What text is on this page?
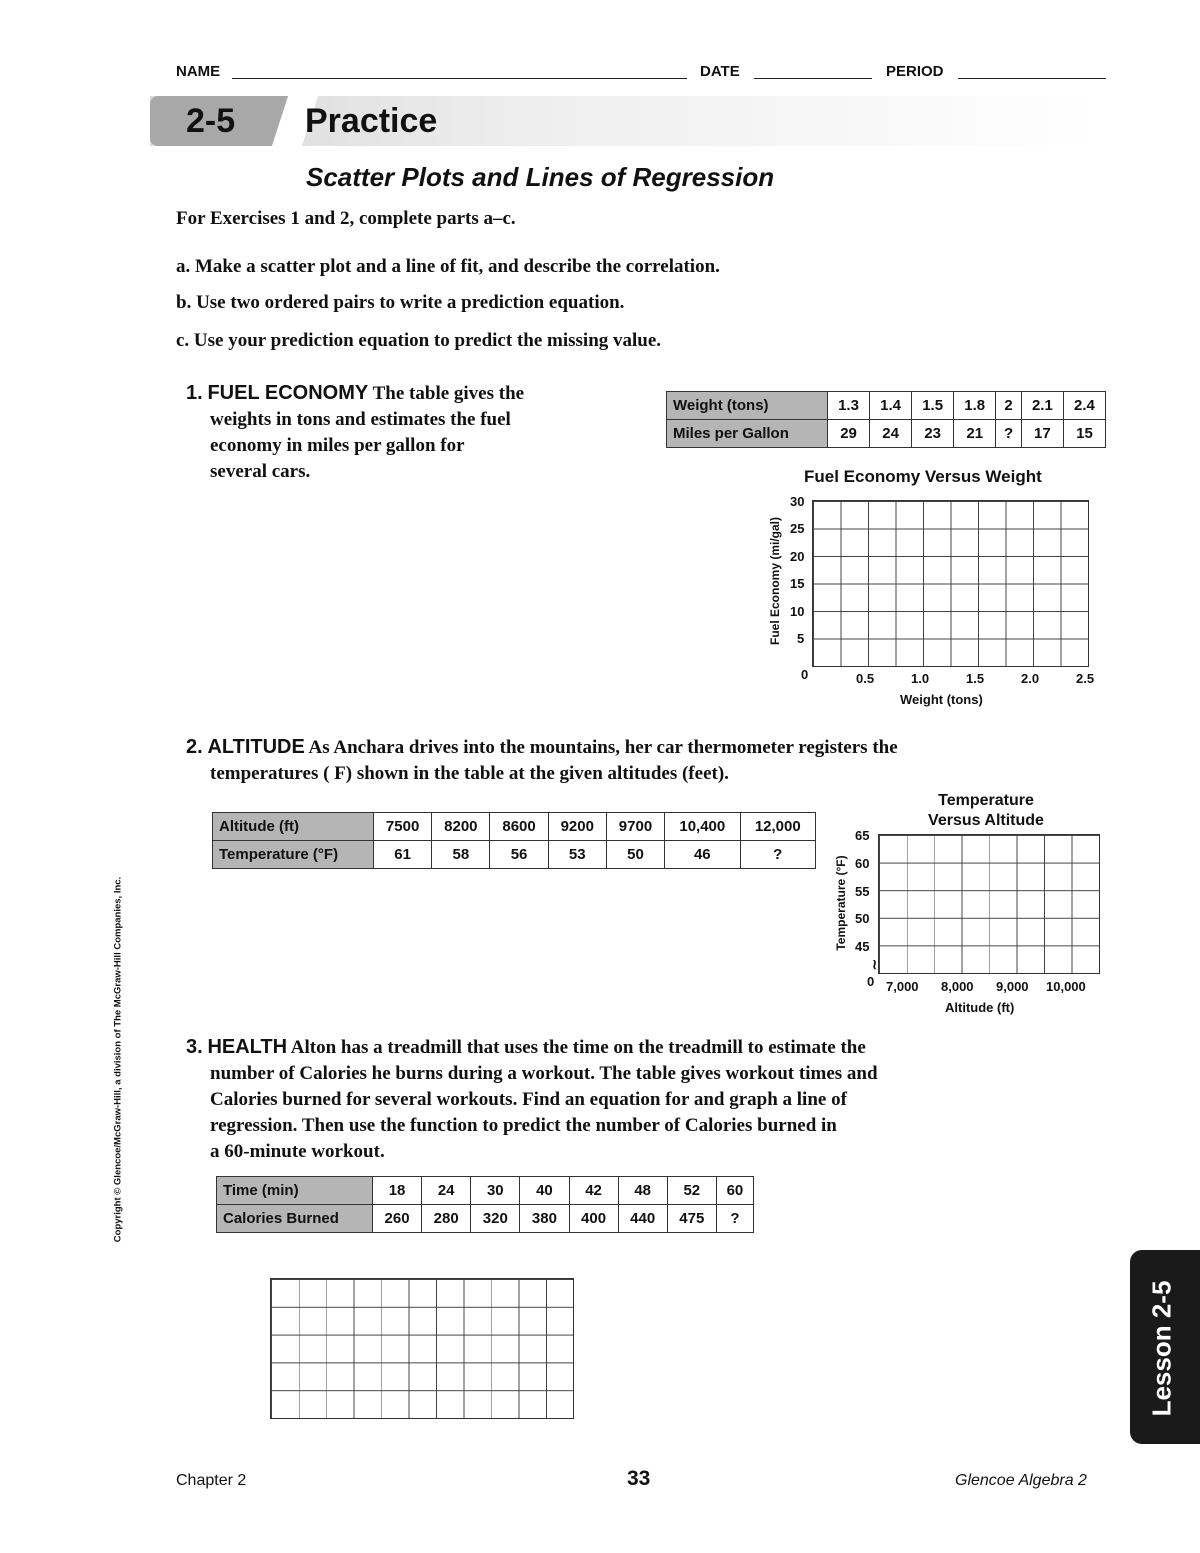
NAME	DATE	PERIOD
2-5 Practice
Scatter Plots and Lines of Regression
For Exercises 1 and 2, complete parts a–c.
a. Make a scatter plot and a line of fit, and describe the correlation.
b. Use two ordered pairs to write a prediction equation.
c. Use your prediction equation to predict the missing value.
1. FUEL ECONOMY The table gives the
weights in tons and estimates the fuel
economy in miles per gallon for
several cars.
Weight (tons)	1.3	1.4	1.5	1.8	2	2.1	2.4
Miles per Gallon	29	24	23	21	?	17	15
Fuel Economy Versus Weight
Fuel Economy (mi/gal)
30
25
20
15
10
5
0	0.5	1.0	1.5	2.0	2.5
Weight (tons)
2. ALTITUDE As Anchara drives into the mountains, her car thermometer registers the
temperatures ( F) shown in the table at the given altitudes (feet).
Altitude (ft)	7500	8200	8600	9200	9700	10,400	12,000
Temperature (°F)	61	58	56	53	50	46	?
Temperature
Versus Altitude
≀
Temperature (°F)
65
60
55
50
45
0 7,000 8,000 9,000 10,000
Altitude (ft)
3. HEALTH Alton has a treadmill that uses the time on the treadmill to estimate the
number of Calories he burns during a workout. The table gives workout times and
Calories burned for several workouts. Find an equation for and graph a line of
regression. Then use the function to predict the number of Calories burned in
a 60-minute workout.
Time (min)	18	24	30	40	42	48	52	60
Calories Burned	260	280	320	380	400	440	475	?
Copyright © Glencoe/McGraw-Hill, a division of The McGraw-Hill Companies, Inc.
Lesson 2-5
Chapter 2	33	Glencoe Algebra 2
